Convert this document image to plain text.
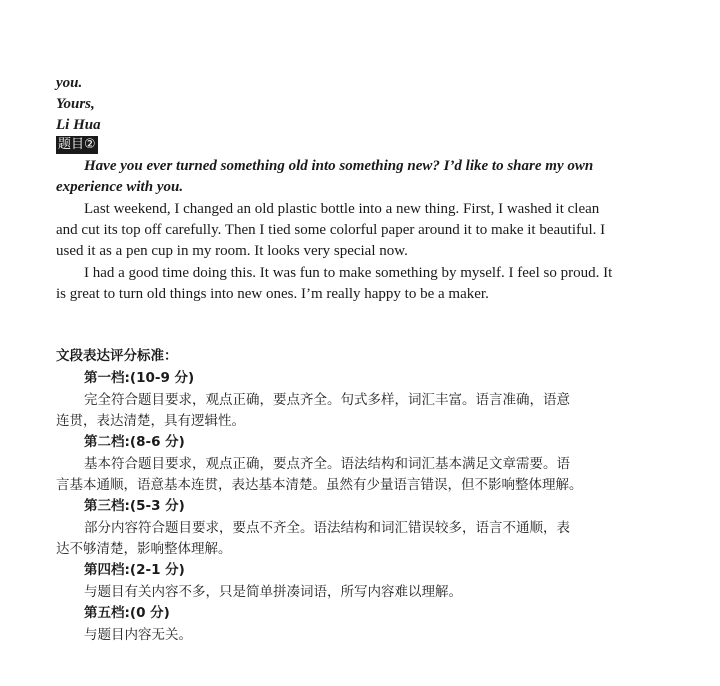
you.
Yours,
Li Hua
题目②
Have you ever turned something old into something new? I’d like to share my own
experience with you.
Last weekend, I changed an old plastic bottle into a new thing. First, I washed it clean
and cut its top off carefully. Then I tied some colorful paper around it to make it beautiful. I
used it as a pen cup in my room. It looks very special now.
I had a good time doing this. It was fun to make something by myself. I feel so proud. It
is great to turn old things into new ones. I’m really happy to be a maker.
文段表达评分标准：
第一档:(10-9 分)
完全符合题目要求，观点正确，要点齐全。句式多样，词汇丰富。语言准确，语意
连贯，表达清楚，具有逻辑性。
第二档:(8-6 分)
基本符合题目要求，观点正确，要点齐全。语法结构和词汇基本满足文章需要。语
言基本通顺，语意基本连贯，表达基本清楚。虽然有少量语言错误，但不影响整体理解。
第三档:(5-3 分)
部分内容符合题目要求，要点不齐全。语法结构和词汇错误较多，语言不通顺，表
达不够清楚，影响整体理解。
第四档:(2-1 分)
与题目有关内容不多，只是简单拼凑词语，所写内容难以理解。
第五档:(0 分)
与题目内容无关。
